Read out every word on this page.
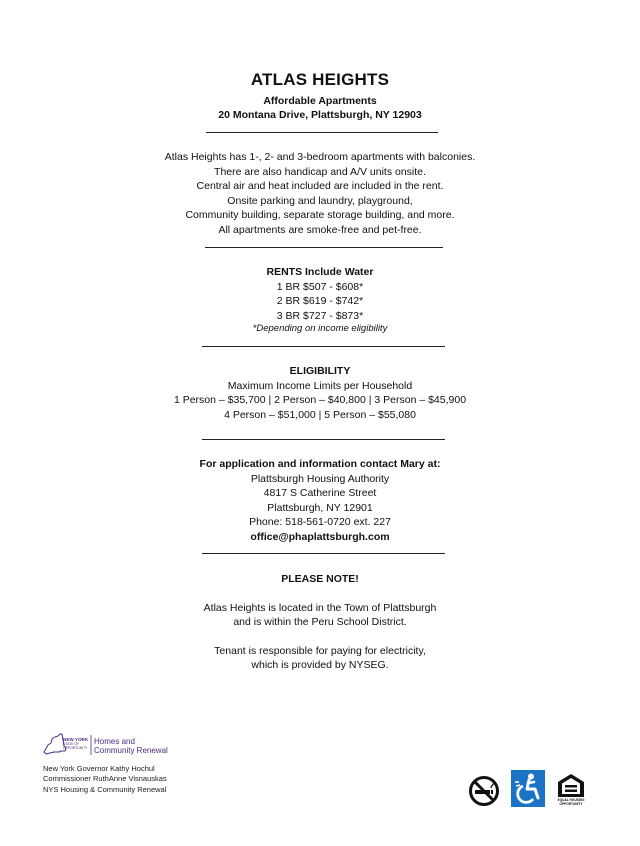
ATLAS HEIGHTS
Affordable Apartments
20 Montana Drive, Plattsburgh, NY 12903
Atlas Heights has 1-, 2- and 3-bedroom apartments with balconies.
There are also handicap and A/V units onsite.
Central air and heat included are included in the rent.
Onsite parking and laundry, playground,
Community building, separate storage building, and more.
All apartments are smoke-free and pet-free.
RENTS Include Water
1 BR $507 - $608*
2 BR $619 - $742*
3 BR $727 - $873*
*Depending on income eligibility
ELIGIBILITY
Maximum Income Limits per Household
1 Person – $35,700 | 2 Person – $40,800 | 3 Person – $45,900
4 Person – $51,000 | 5 Person – $55,080
For application and information contact Mary at:
Plattsburgh Housing Authority
4817 S Catherine Street
Plattsburgh, NY 12901
Phone: 518-561-0720 ext. 227
office@phaplattsburgh.com
PLEASE NOTE!
Atlas Heights is located in the Town of Plattsburgh
and is within the Peru School District.
Tenant is responsible for paying for electricity,
which is provided by NYSEG.
NEW YORK
STATE OF
OPPORTUNITY
Homes and
Community Renewal
New York Governor Kathy Hochul
Commissioner RuthAnne Visnauskas
NYS Housing & Community Renewal
EQUAL HOUSING
OPPORTUNITY
